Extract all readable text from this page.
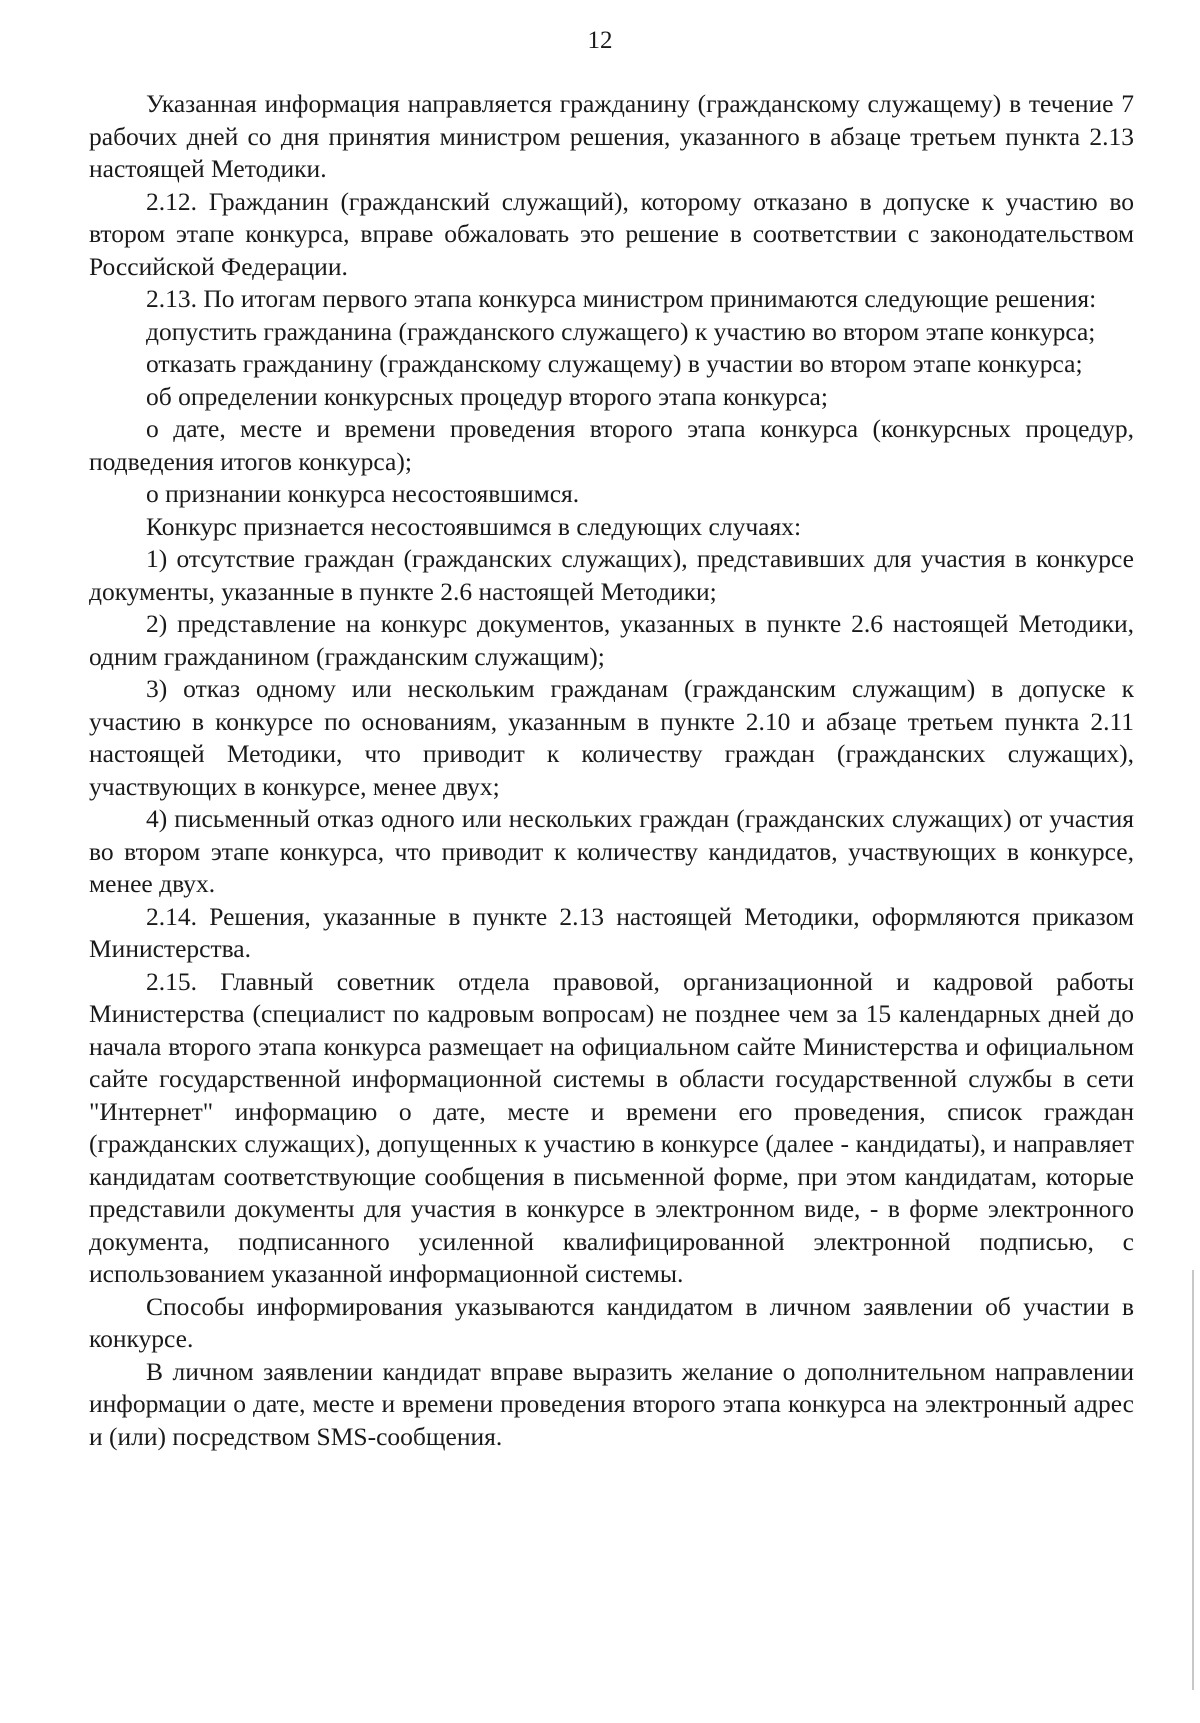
12

Указанная информация направляется гражданину (гражданскому служащему) в течение 7 рабочих дней со дня принятия министром решения, указанного в абзаце третьем пункта 2.13 настоящей Методики.

2.12. Гражданин (гражданский служащий), которому отказано в допуске к участию во втором этапе конкурса, вправе обжаловать это решение в соответствии с законодательством Российской Федерации.

2.13. По итогам первого этапа конкурса министром принимаются следующие решения:

допустить гражданина (гражданского служащего) к участию во втором этапе конкурса;

отказать гражданину (гражданскому служащему) в участии во втором этапе конкурса;

об определении конкурсных процедур второго этапа конкурса;

о дате, месте и времени проведения второго этапа конкурса (конкурсных процедур, подведения итогов конкурса);

о признании конкурса несостоявшимся.

Конкурс признается несостоявшимся в следующих случаях:

1) отсутствие граждан (гражданских служащих), представивших для участия в конкурсе документы, указанные в пункте 2.6 настоящей Методики;

2) представление на конкурс документов, указанных в пункте 2.6 настоящей Методики, одним гражданином (гражданским служащим);

3) отказ одному или нескольким гражданам (гражданским служащим) в допуске к участию в конкурсе по основаниям, указанным в пункте 2.10 и абзаце третьем пункта 2.11 настоящей Методики, что приводит к количеству граждан (гражданских служащих), участвующих в конкурсе, менее двух;

4) письменный отказ одного или нескольких граждан (гражданских служащих) от участия во втором этапе конкурса, что приводит к количеству кандидатов, участвующих в конкурсе, менее двух.

2.14. Решения, указанные в пункте 2.13 настоящей Методики, оформляются приказом Министерства.

2.15. Главный советник отдела правовой, организационной и кадровой работы Министерства (специалист по кадровым вопросам) не позднее чем за 15 календарных дней до начала второго этапа конкурса размещает на официальном сайте Министерства и официальном сайте государственной информационной системы в области государственной службы в сети "Интернет" информацию о дате, месте и времени его проведения, список граждан (гражданских служащих), допущенных к участию в конкурсе (далее - кандидаты), и направляет кандидатам соответствующие сообщения в письменной форме, при этом кандидатам, которые представили документы для участия в конкурсе в электронном виде, - в форме электронного документа, подписанного усиленной квалифицированной электронной подписью, с использованием указанной информационной системы.

Способы информирования указываются кандидатом в личном заявлении об участии в конкурсе.

В личном заявлении кандидат вправе выразить желание о дополнительном направлении информации о дате, месте и времени проведения второго этапа конкурса на электронный адрес и (или) посредством SMS-сообщения.
